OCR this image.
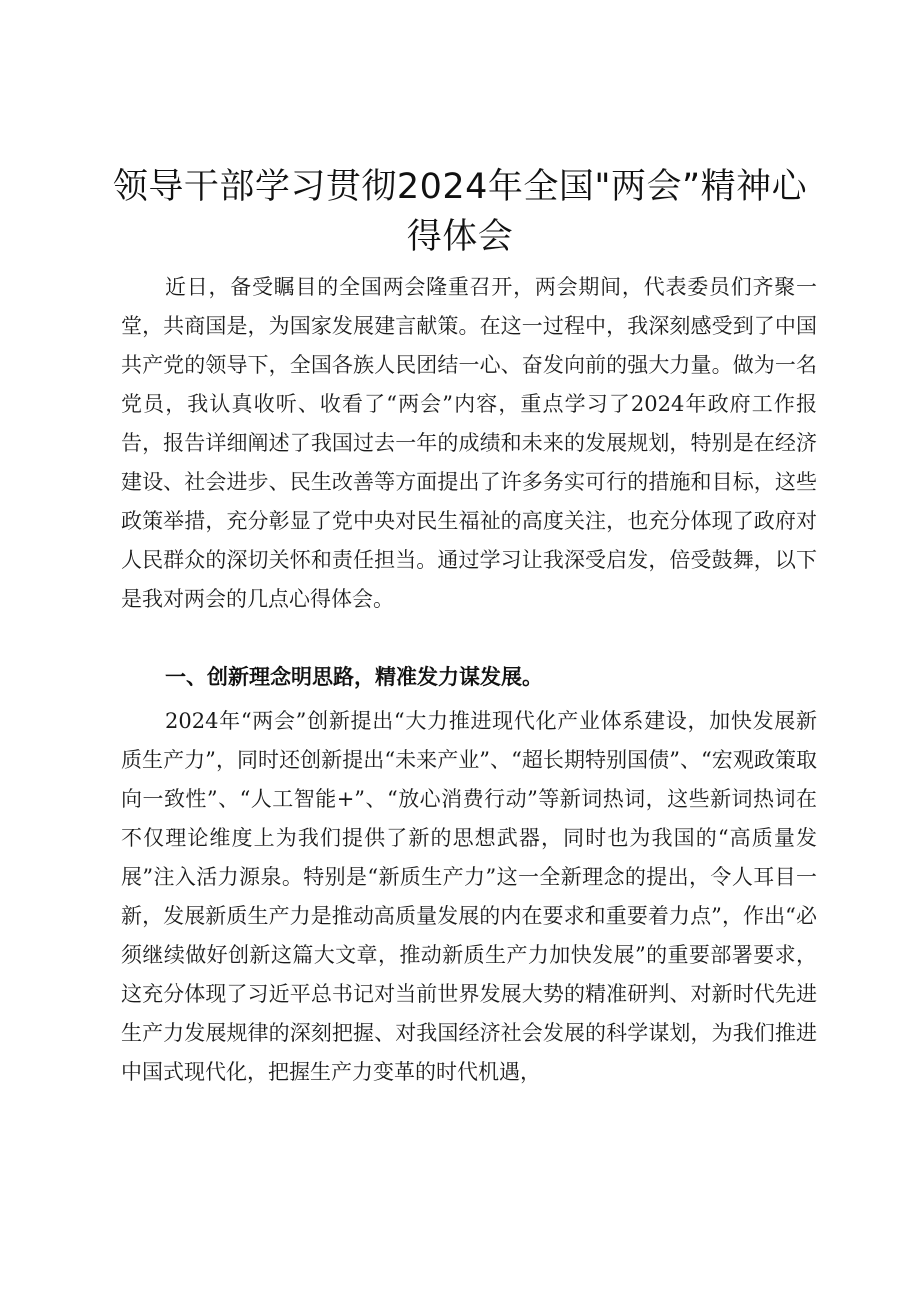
领导干部学习贯彻2024年全国"两会”精神心
得体会

近日，备受瞩目的全国两会隆重召开，两会期间，代表委员们齐聚一堂，共商国是，为国家发展建言献策。在这一过程中，我深刻感受到了中国共产党的领导下，全国各族人民团结一心、奋发向前的强大力量。做为一名党员，我认真收听、收看了“两会”内容，重点学习了2024年政府工作报告，报告详细阐述了我国过去一年的成绩和未来的发展规划，特别是在经济建设、社会进步、民生改善等方面提出了许多务实可行的措施和目标，这些政策举措，充分彰显了党中央对民生福祉的高度关注，也充分体现了政府对人民群众的深切关怀和责任担当。通过学习让我深受启发，倍受鼓舞，以下是我对两会的几点心得体会。

一、创新理念明思路，精准发力谋发展。

2024年“两会”创新提出“大力推进现代化产业体系建设，加快发展新质生产力”，同时还创新提出“未来产业”、“超长期特别国债”、“宏观政策取向一致性”、“人工智能+”、“放心消费行动”等新词热词，这些新词热词在不仅理论维度上为我们提供了新的思想武器，同时也为我国的“高质量发展”注入活力源泉。特别是“新质生产力”这一全新理念的提出，令人耳目一新，发展新质生产力是推动高质量发展的内在要求和重要着力点”，作出“必须继续做好创新这篇大文章，推动新质生产力加快发展”的重要部署要求，这充分体现了习近平总书记对当前世界发展大势的精准研判、对新时代先进生产力发展规律的深刻把握、对我国经济社会发展的科学谋划，为我们推进中国式现代化，把握生产力变革的时代机遇，
